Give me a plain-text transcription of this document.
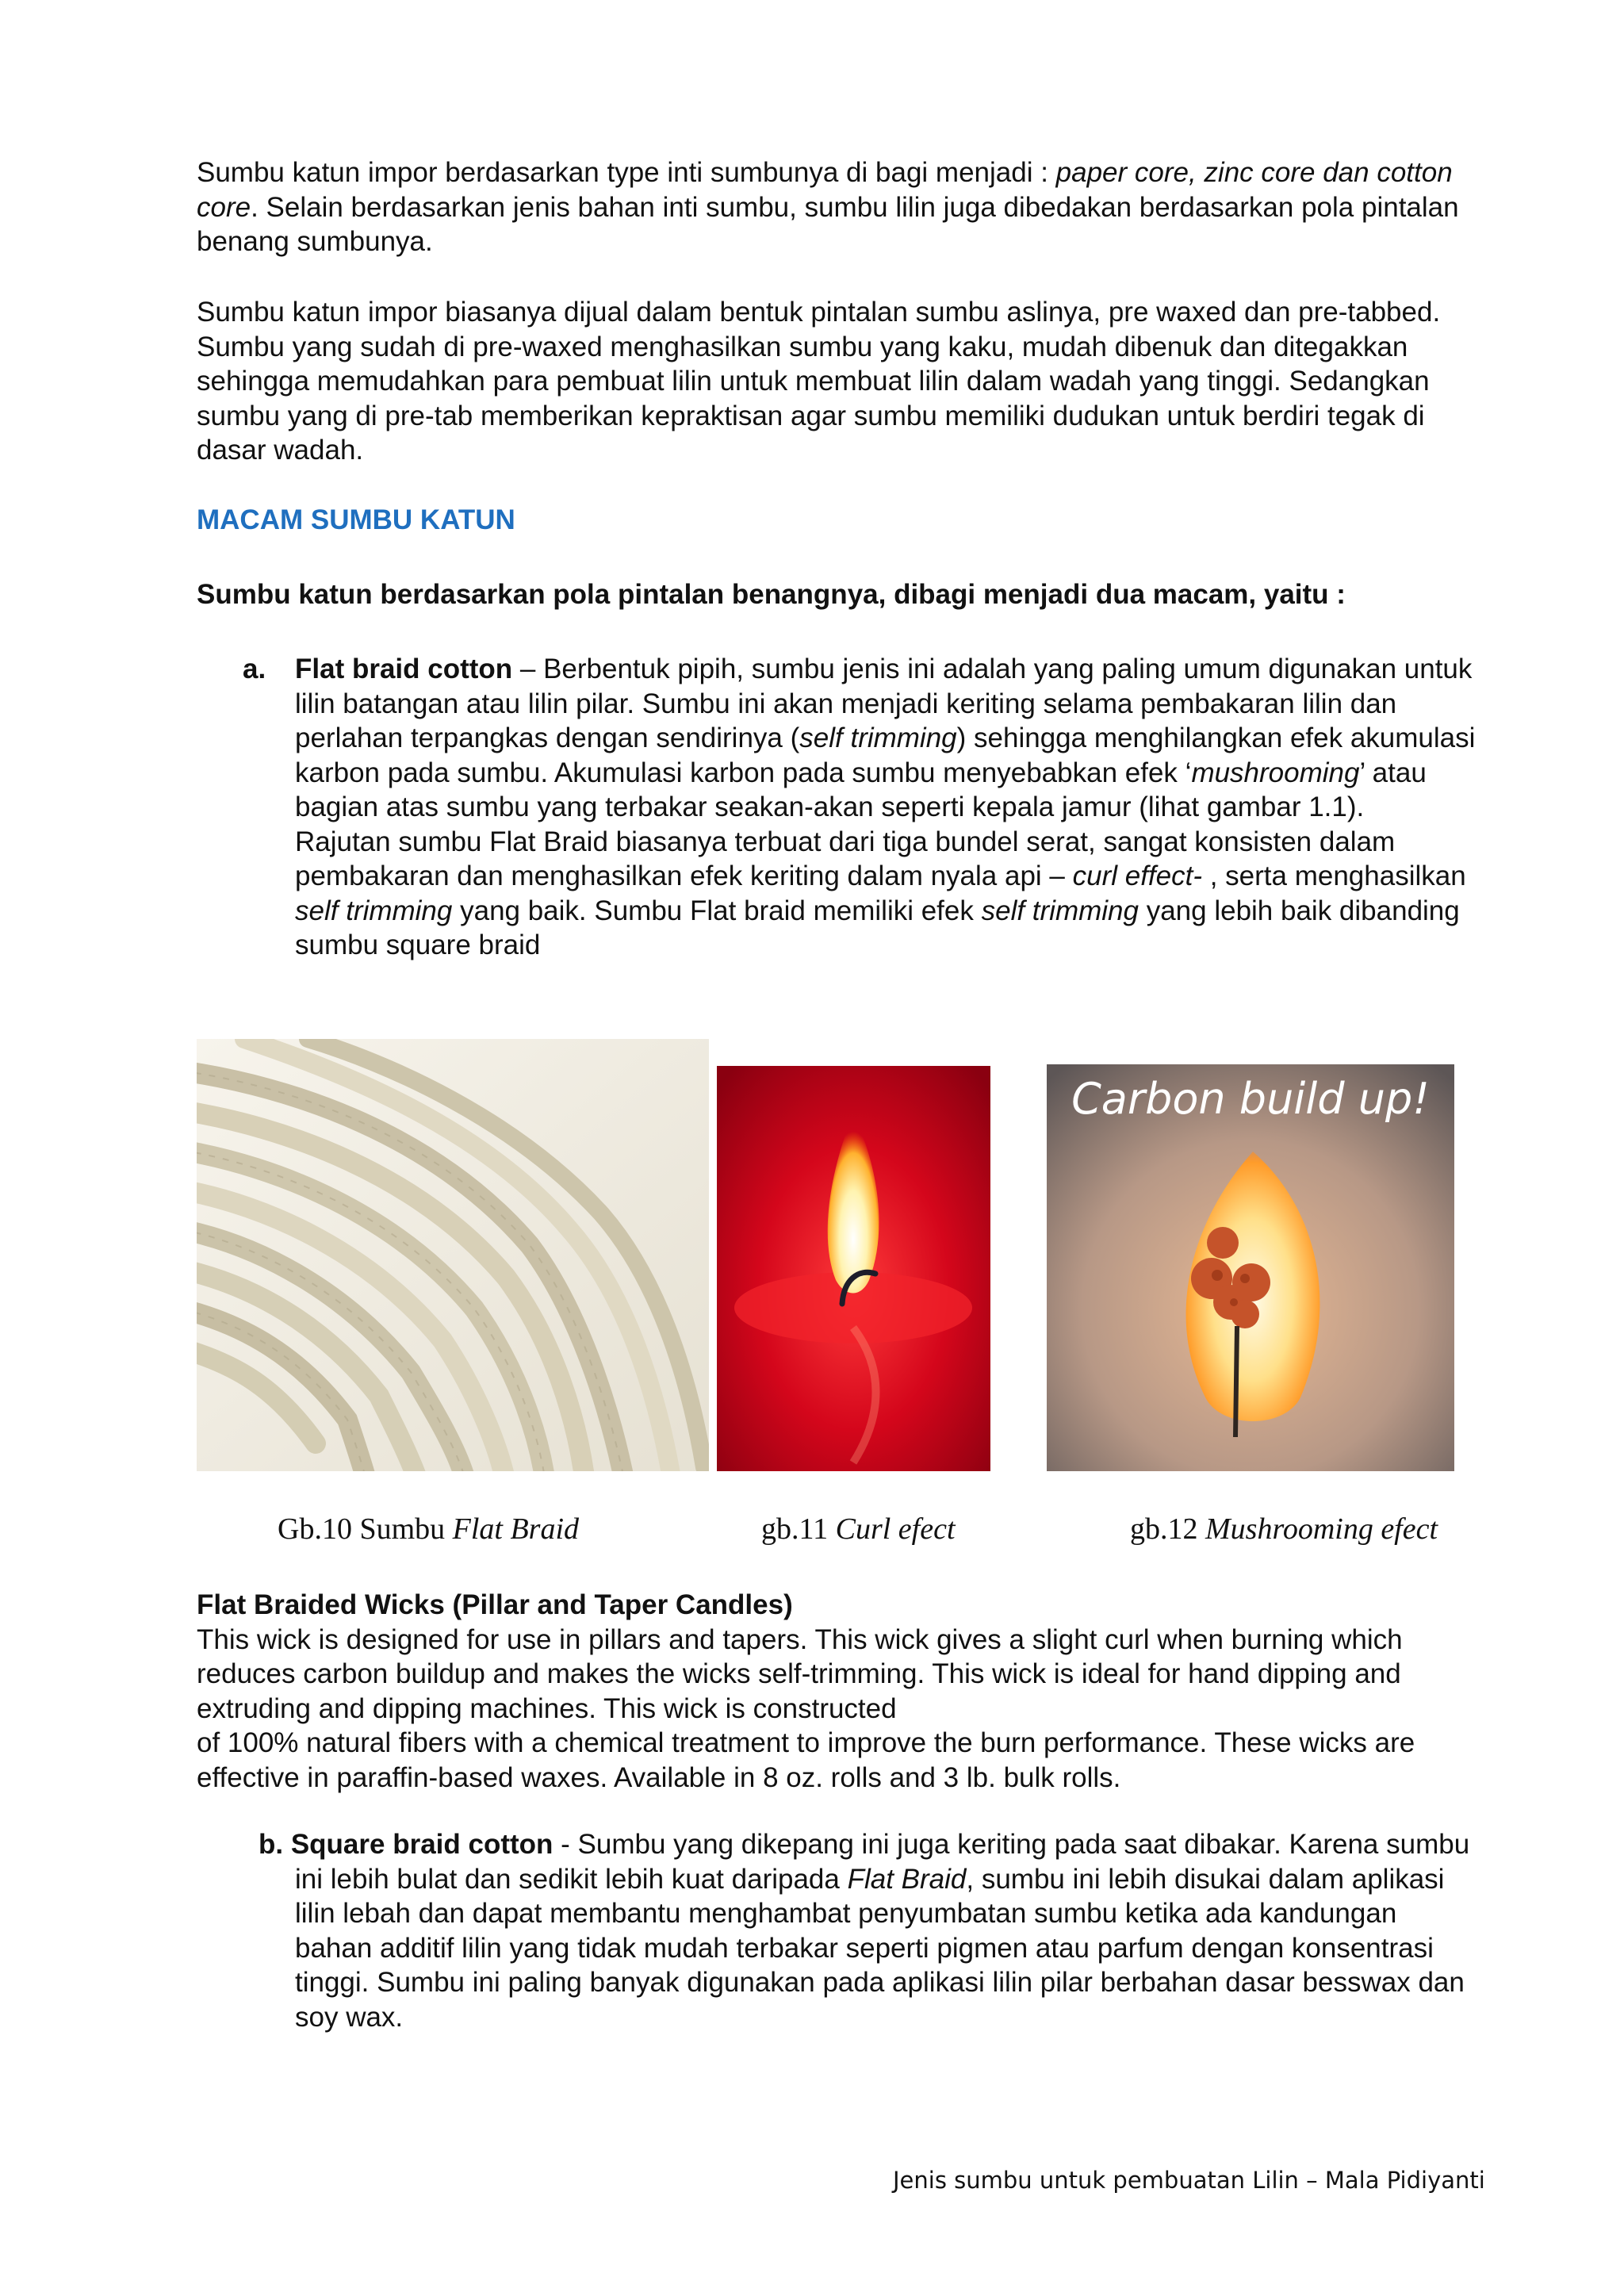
Sumbu katun impor berdasarkan type inti sumbunya di bagi menjadi : paper core, zinc core dan cotton core. Selain berdasarkan jenis bahan inti sumbu, sumbu lilin juga dibedakan berdasarkan pola pintalan benang sumbunya.
Sumbu katun impor biasanya dijual dalam bentuk pintalan sumbu aslinya, pre waxed dan pre-tabbed. Sumbu yang sudah di pre-waxed menghasilkan sumbu yang kaku, mudah dibenuk dan ditegakkan sehingga memudahkan para pembuat lilin untuk membuat lilin dalam wadah yang tinggi. Sedangkan sumbu yang di pre-tab memberikan kepraktisan agar sumbu memiliki dudukan untuk berdiri tegak di dasar wadah.
MACAM SUMBU KATUN
Sumbu katun berdasarkan pola pintalan benangnya, dibagi menjadi dua macam, yaitu :
a. Flat braid cotton – Berbentuk pipih, sumbu jenis ini adalah yang paling umum digunakan untuk lilin batangan atau lilin pilar. Sumbu ini akan menjadi keriting selama pembakaran lilin dan perlahan terpangkas dengan sendirinya (self trimming) sehingga menghilangkan efek akumulasi karbon pada sumbu. Akumulasi karbon pada sumbu menyebabkan efek ‘mushrooming’ atau bagian atas sumbu yang terbakar seakan-akan seperti kepala jamur (lihat gambar 1.1).
Rajutan sumbu Flat Braid biasanya terbuat dari tiga bundel serat, sangat konsisten dalam pembakaran dan menghasilkan efek keriting dalam nyala api – curl effect- , serta menghasilkan self trimming yang baik. Sumbu Flat braid memiliki efek self trimming yang lebih baik dibanding sumbu square braid
Carbon build up!
Gb.10 Sumbu Flat Braid	gb.11 Curl efect	gb.12 Mushrooming efect
Flat Braided Wicks (Pillar and Taper Candles)
This wick is designed for use in pillars and tapers. This wick gives a slight curl when burning which reduces carbon buildup and makes the wicks self-trimming. This wick is ideal for hand dipping and extruding and dipping machines. This wick is constructed
of 100% natural fibers with a chemical treatment to improve the burn performance. These wicks are effective in paraffin-based waxes. Available in 8 oz. rolls and 3 lb. bulk rolls.
b. Square braid cotton - Sumbu yang dikepang ini juga keriting pada saat dibakar. Karena sumbu ini lebih bulat dan sedikit lebih kuat daripada Flat Braid, sumbu ini lebih disukai dalam aplikasi lilin lebah dan dapat membantu menghambat penyumbatan sumbu ketika ada kandungan bahan additif lilin yang tidak mudah terbakar seperti pigmen atau parfum dengan konsentrasi tinggi. Sumbu ini paling banyak digunakan pada aplikasi lilin pilar berbahan dasar besswax dan soy wax.
Jenis sumbu untuk pembuatan Lilin – Mala Pidiyanti
